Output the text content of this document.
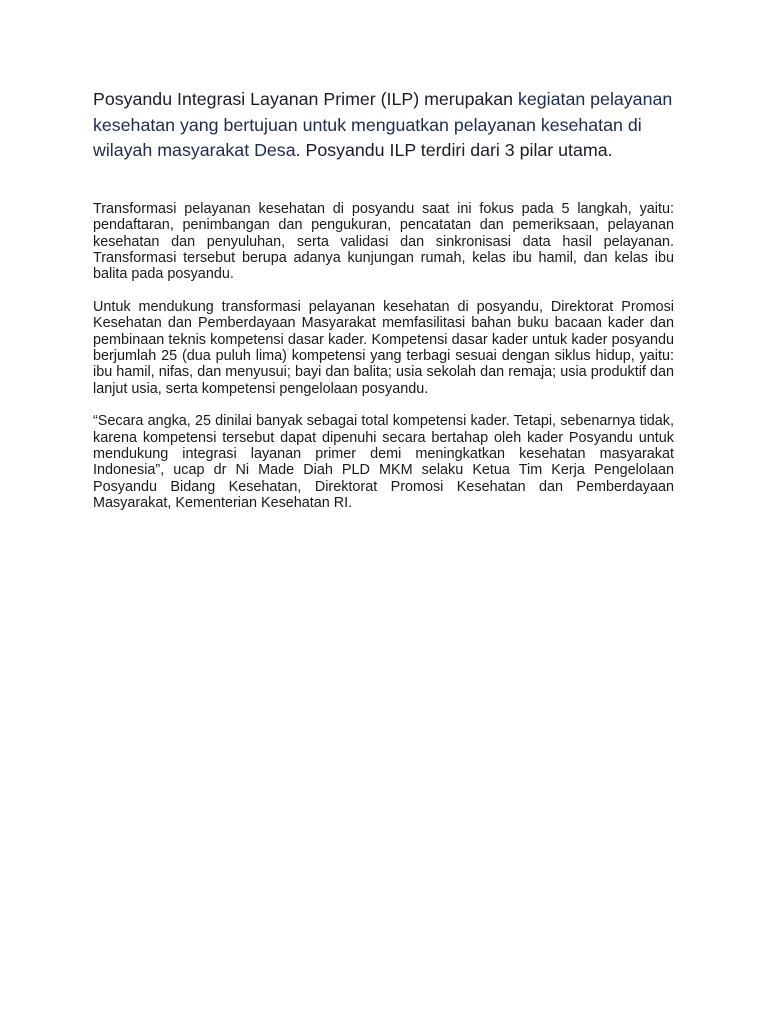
Posyandu Integrasi Layanan Primer (ILP) merupakan kegiatan pelayanan kesehatan yang bertujuan untuk menguatkan pelayanan kesehatan di wilayah masyarakat Desa. Posyandu ILP terdiri dari 3 pilar utama.

Transformasi pelayanan kesehatan di posyandu saat ini fokus pada 5 langkah, yaitu: pendaftaran, penimbangan dan pengukuran, pencatatan dan pemeriksaan, pelayanan kesehatan dan penyuluhan, serta validasi dan sinkronisasi data hasil pelayanan. Transformasi tersebut berupa adanya kunjungan rumah, kelas ibu hamil, dan kelas ibu balita pada posyandu.

Untuk mendukung transformasi pelayanan kesehatan di posyandu, Direktorat Promosi Kesehatan dan Pemberdayaan Masyarakat memfasilitasi bahan buku bacaan kader dan pembinaan teknis kompetensi dasar kader. Kompetensi dasar kader untuk kader posyandu berjumlah 25 (dua puluh lima) kompetensi yang terbagi sesuai dengan siklus hidup, yaitu: ibu hamil, nifas, dan menyusui; bayi dan balita; usia sekolah dan remaja; usia produktif dan lanjut usia, serta kompetensi pengelolaan posyandu.

“Secara angka, 25 dinilai banyak sebagai total kompetensi kader. Tetapi, sebenarnya tidak, karena kompetensi tersebut dapat dipenuhi secara bertahap oleh kader Posyandu untuk mendukung integrasi layanan primer demi meningkatkan kesehatan masyarakat Indonesia”, ucap dr Ni Made Diah PLD MKM selaku Ketua Tim Kerja Pengelolaan Posyandu Bidang Kesehatan, Direktorat Promosi Kesehatan dan Pemberdayaan Masyarakat, Kementerian Kesehatan RI.
